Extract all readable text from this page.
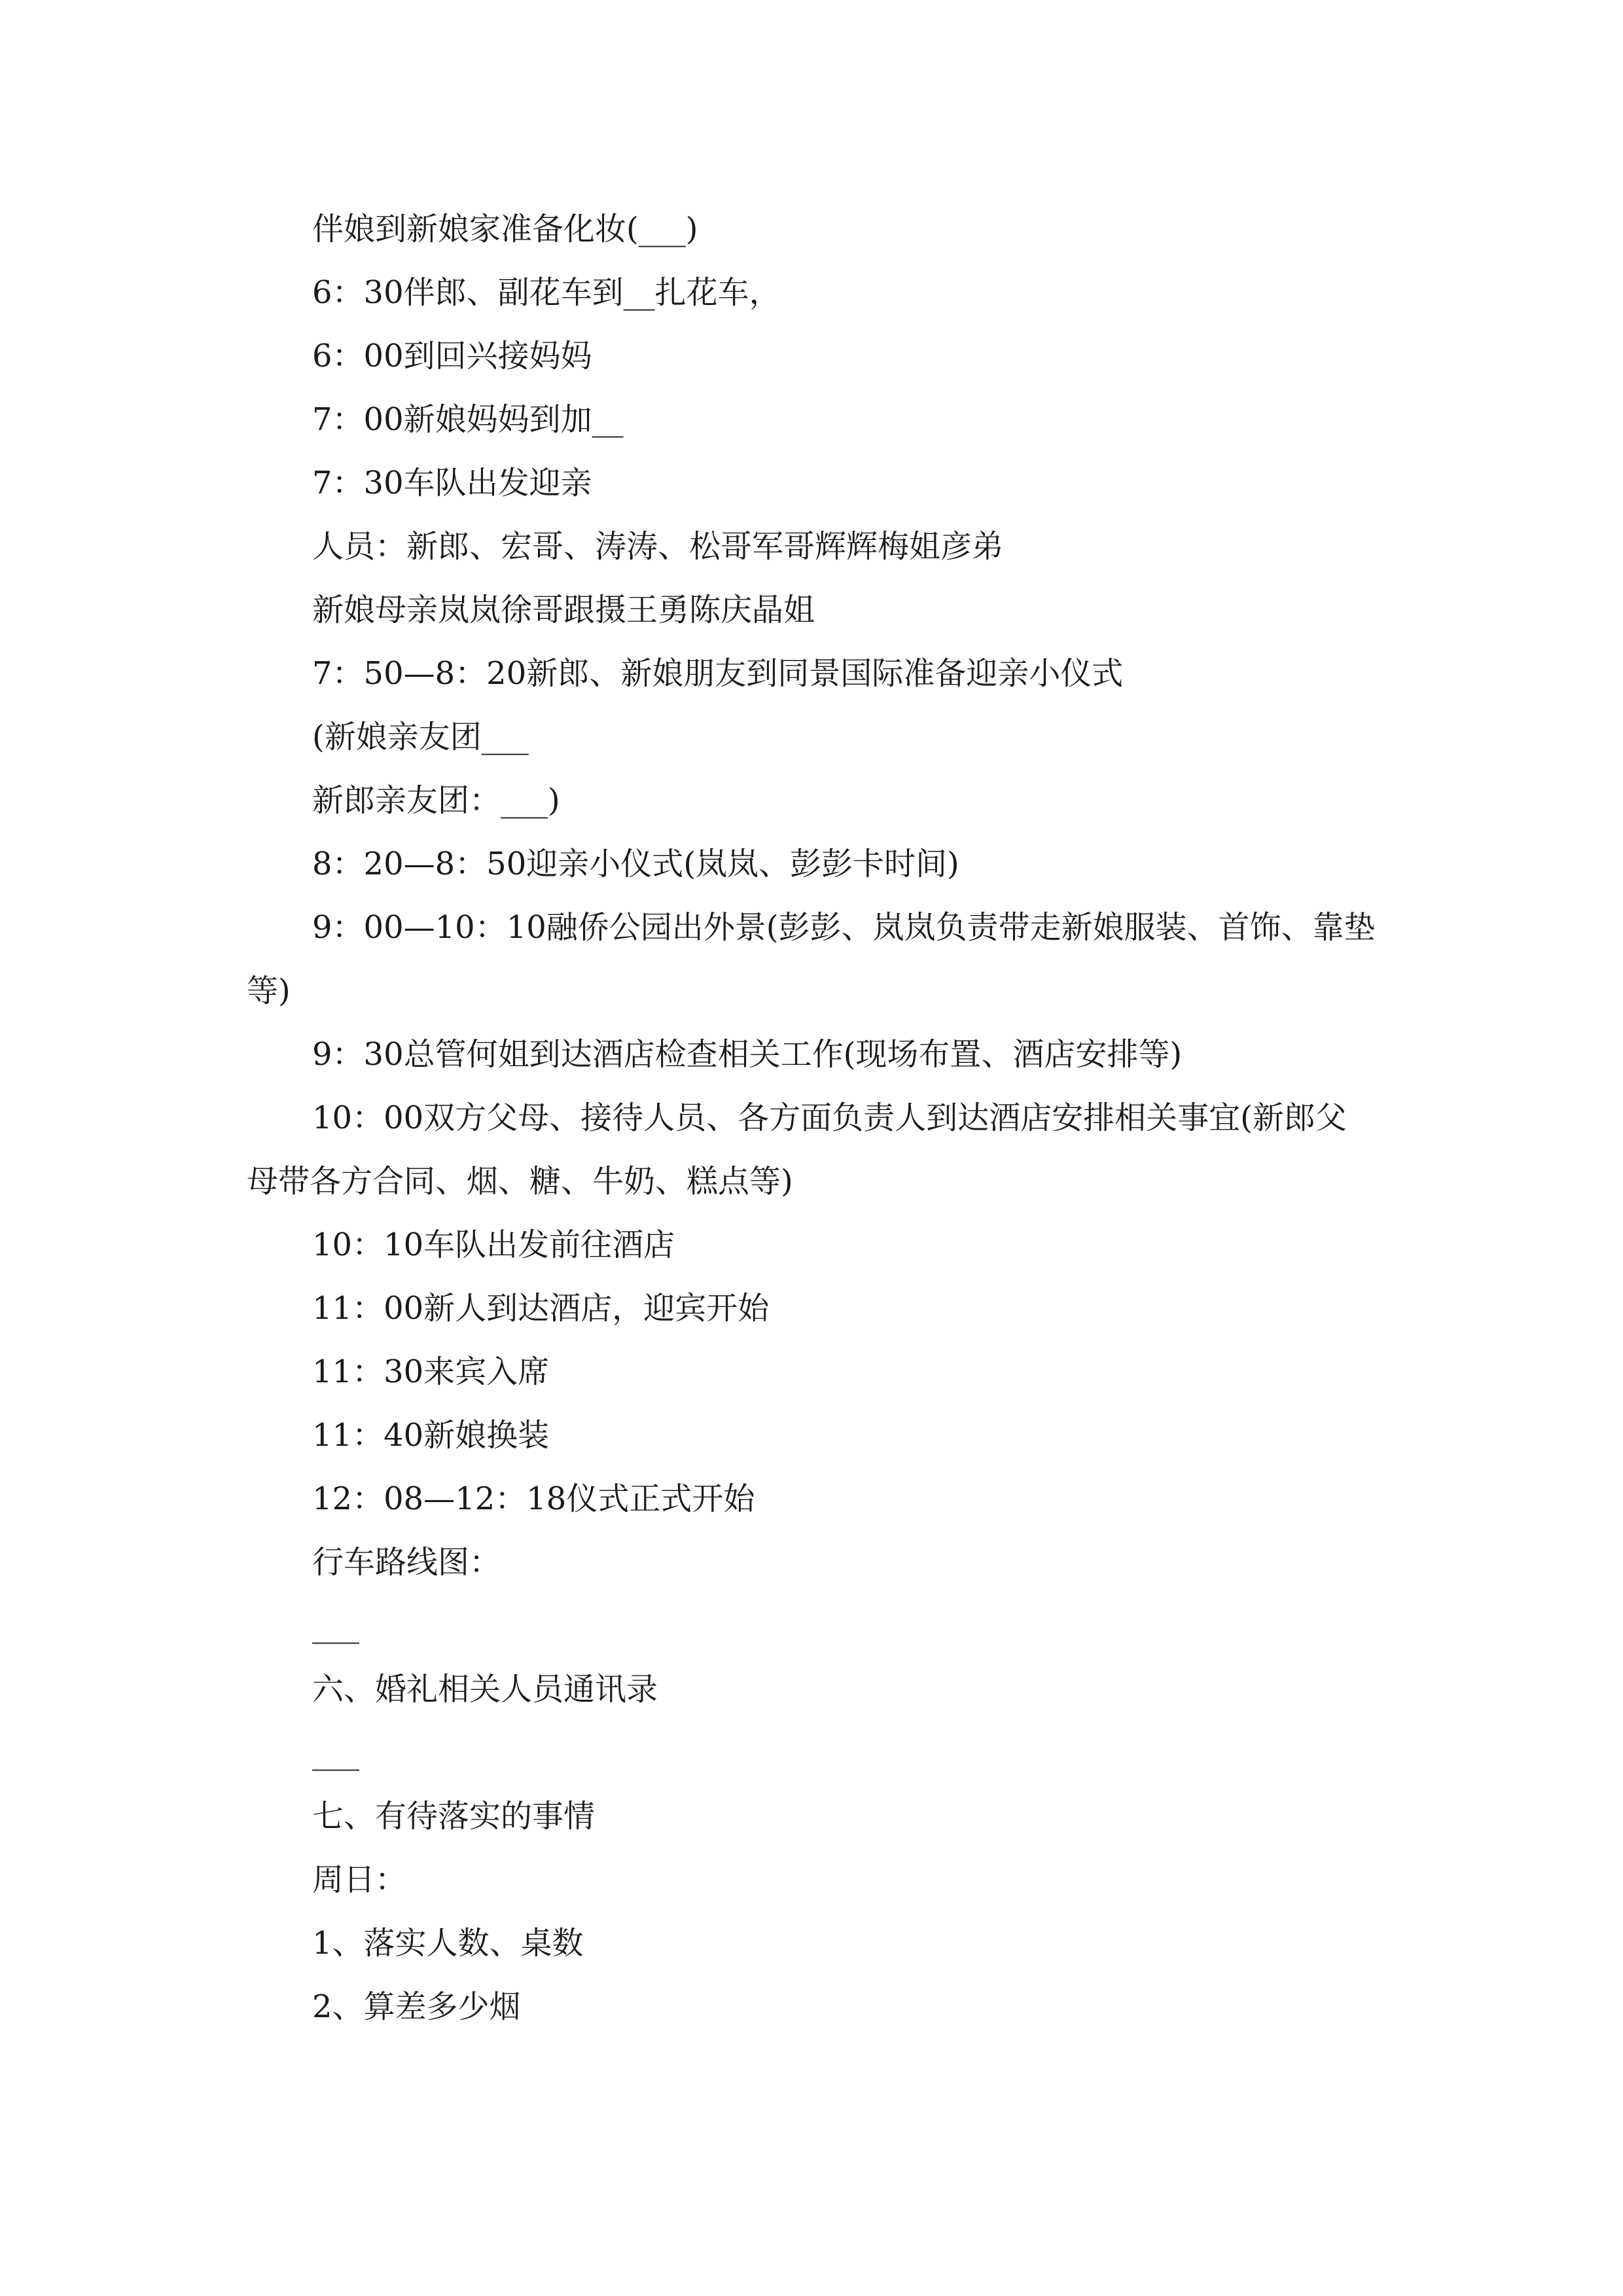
伴娘到新娘家准备化妆(___)

6：30伴郎、副花车到__扎花车，

6：00到回兴接妈妈

7：00新娘妈妈到加__

7：30车队出发迎亲

人员：新郎、宏哥、涛涛、松哥军哥辉辉梅姐彦弟

新娘母亲岚岚徐哥跟摄王勇陈庆晶姐

7：50—8：20新郎、新娘朋友到同景国际准备迎亲小仪式

(新娘亲友团___

新郎亲友团：___)

8：20—8：50迎亲小仪式(岚岚、彭彭卡时间)

9：00—10：10融侨公园出外景(彭彭、岚岚负责带走新娘服装、首饰、靠垫等)

9：30总管何姐到达酒店检查相关工作(现场布置、酒店安排等)

10：00双方父母、接待人员、各方面负责人到达酒店安排相关事宜(新郎父母带各方合同、烟、糖、牛奶、糕点等)

10：10车队出发前往酒店

11：00新人到达酒店，迎宾开始

11：30来宾入席

11：40新娘换装

12：08—12：18仪式正式开始

行车路线图：

___

六、婚礼相关人员通讯录

___

七、有待落实的事情

周日：

1、落实人数、桌数

2、算差多少烟
